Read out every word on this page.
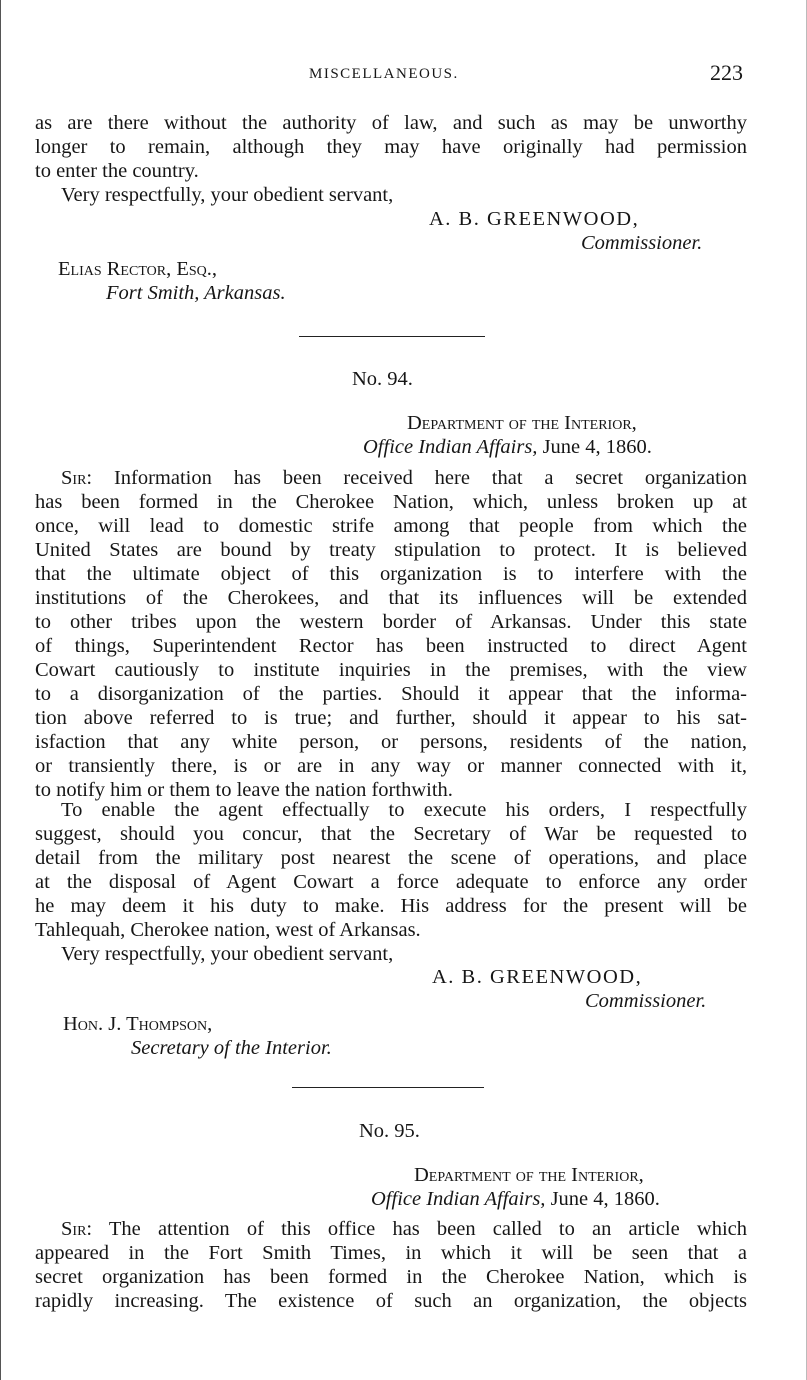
MISCELLANEOUS.	223
as are there without the authority of law, and such as may be unworthy
longer to remain, although they may have originally had permission
to enter the country.
Very respectfully, your obedient servant,
A. B. GREENWOOD,
Commissioner.
Elias Rector, Esq.,
Fort Smith, Arkansas.
No. 94.
Department of the Interior,
Office Indian Affairs, June 4, 1860.
Sir: Information has been received here that a secret organization
has been formed in the Cherokee Nation, which, unless broken up at
once, will lead to domestic strife among that people from which the
United States are bound by treaty stipulation to protect. It is believed
that the ultimate object of this organization is to interfere with the
institutions of the Cherokees, and that its influences will be extended
to other tribes upon the western border of Arkansas. Under this state
of things, Superintendent Rector has been instructed to direct Agent
Cowart cautiously to institute inquiries in the premises, with the view
to a disorganization of the parties. Should it appear that the informa-
tion above referred to is true; and further, should it appear to his sat-
isfaction that any white person, or persons, residents of the nation,
or transiently there, is or are in any way or manner connected with it,
to notify him or them to leave the nation forthwith.
To enable the agent effectually to execute his orders, I respectfully
suggest, should you concur, that the Secretary of War be requested to
detail from the military post nearest the scene of operations, and place
at the disposal of Agent Cowart a force adequate to enforce any order
he may deem it his duty to make. His address for the present will be
Tahlequah, Cherokee nation, west of Arkansas.
Very respectfully, your obedient servant,
A. B. GREENWOOD,
Commissioner.
Hon. J. Thompson,
Secretary of the Interior.
No. 95.
Department of the Interior,
Office Indian Affairs, June 4, 1860.
Sir: The attention of this office has been called to an article which
appeared in the Fort Smith Times, in which it will be seen that a
secret organization has been formed in the Cherokee Nation, which is
rapidly increasing. The existence of such an organization, the objects
